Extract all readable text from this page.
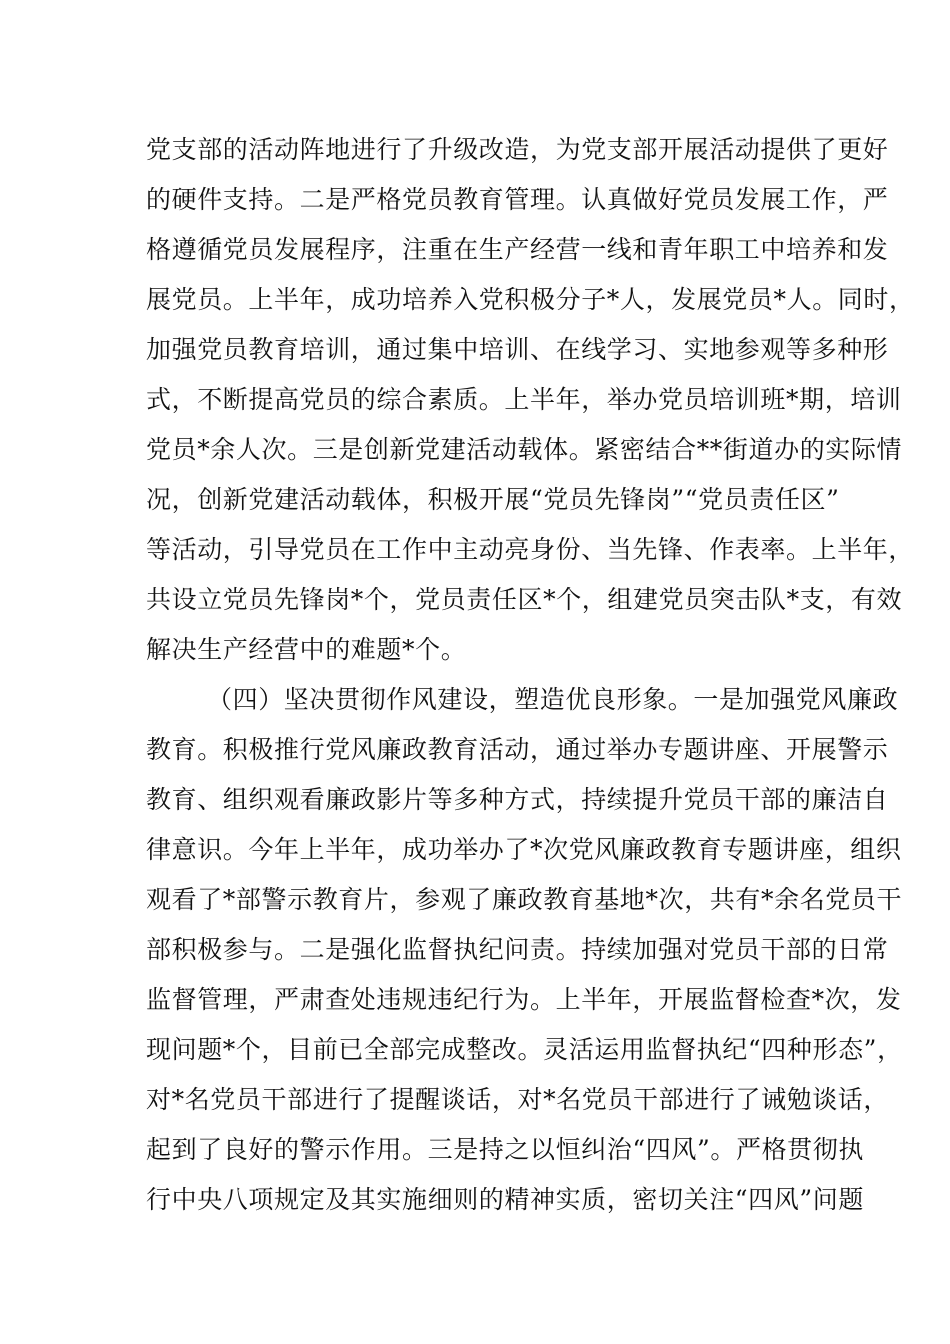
党支部的活动阵地进行了升级改造，为党支部开展活动提供了更好
的硬件支持。二是严格党员教育管理。认真做好党员发展工作，严
格遵循党员发展程序，注重在生产经营一线和青年职工中培养和发
展党员。上半年，成功培养入党积极分子*人，发展党员*人。同时，
加强党员教育培训，通过集中培训、在线学习、实地参观等多种形
式，不断提高党员的综合素质。上半年，举办党员培训班*期，培训
党员*余人次。三是创新党建活动载体。紧密结合**街道办的实际情
况，创新党建活动载体，积极开展“党员先锋岗”“党员责任区”
等活动，引导党员在工作中主动亮身份、当先锋、作表率。上半年，
共设立党员先锋岗*个，党员责任区*个，组建党员突击队*支，有效
解决生产经营中的难题*个。
（四）坚决贯彻作风建设，塑造优良形象。一是加强党风廉政
教育。积极推行党风廉政教育活动，通过举办专题讲座、开展警示
教育、组织观看廉政影片等多种方式，持续提升党员干部的廉洁自
律意识。今年上半年，成功举办了*次党风廉政教育专题讲座，组织
观看了*部警示教育片，参观了廉政教育基地*次，共有*余名党员干
部积极参与。二是强化监督执纪问责。持续加强对党员干部的日常
监督管理，严肃查处违规违纪行为。上半年，开展监督检查*次，发
现问题*个，目前已全部完成整改。灵活运用监督执纪“四种形态”，
对*名党员干部进行了提醒谈话，对*名党员干部进行了诫勉谈话，
起到了良好的警示作用。三是持之以恒纠治“四风”。严格贯彻执
行中央八项规定及其实施细则的精神实质，密切关注“四风”问题
